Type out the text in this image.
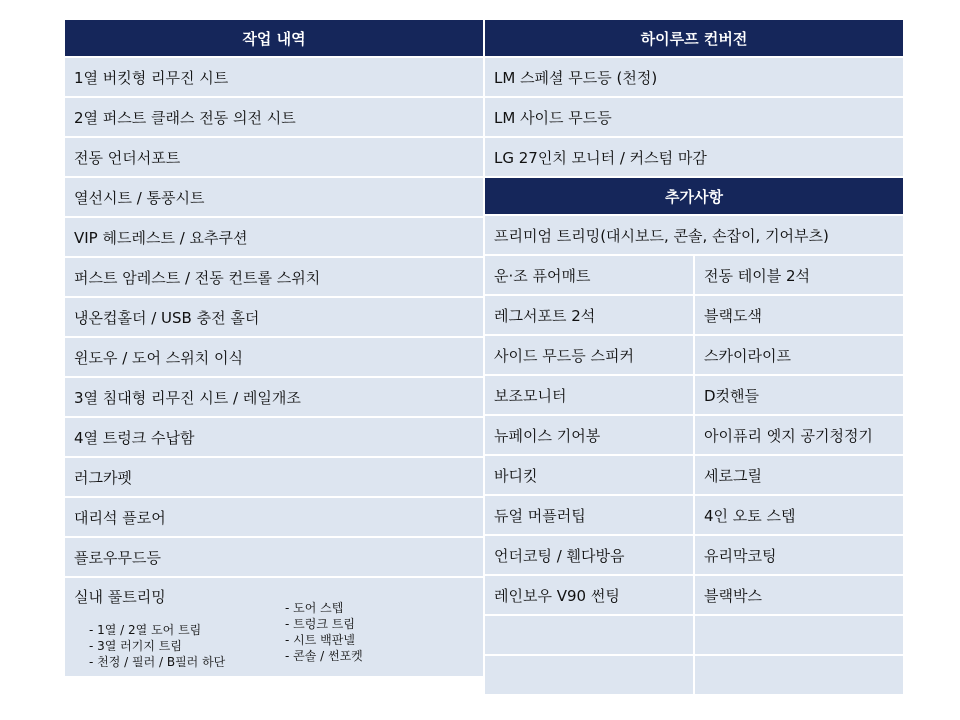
작업 내역
1열 버킷형 리무진 시트
2열 퍼스트 클래스 전동 의전 시트
전동 언더서포트
열선시트 / 통풍시트
VIP 헤드레스트 / 요추쿠션
퍼스트 암레스트 / 전동 컨트롤 스위치
냉온컵홀더 / USB 충전 홀더
윈도우 / 도어 스위치 이식
3열 침대형 리무진 시트 / 레일개조
4열 트렁크 수납함
러그카펫
대리석 플로어
플로우무드등
실내 풀트리밍
- 1열 / 2열 도어 트림
- 3열 러기지 트림
- 천정 / 필러 / B필러 하단
- 도어 스텝
- 트렁크 트림
- 시트 백판넬
- 콘솔 / 썬포켓
하이루프 컨버전
LM 스페셜 무드등 (천정)
LM 사이드 무드등
LG 27인치 모니터 / 커스텀 마감
추가사항
프리미엄 트리밍(대시보드, 콘솔, 손잡이, 기어부츠)
운·조 퓨어매트	전동 테이블 2석
레그서포트 2석	블랙도색
사이드 무드등 스피커	스카이라이프
보조모니터	D컷핸들
뉴페이스 기어봉	아이퓨리 엣지 공기청정기
바디킷	세로그릴
듀얼 머플러팁	4인 오토 스텝
언더코팅 / 휀다방음	유리막코팅
레인보우 V90 썬팅	블랙박스
